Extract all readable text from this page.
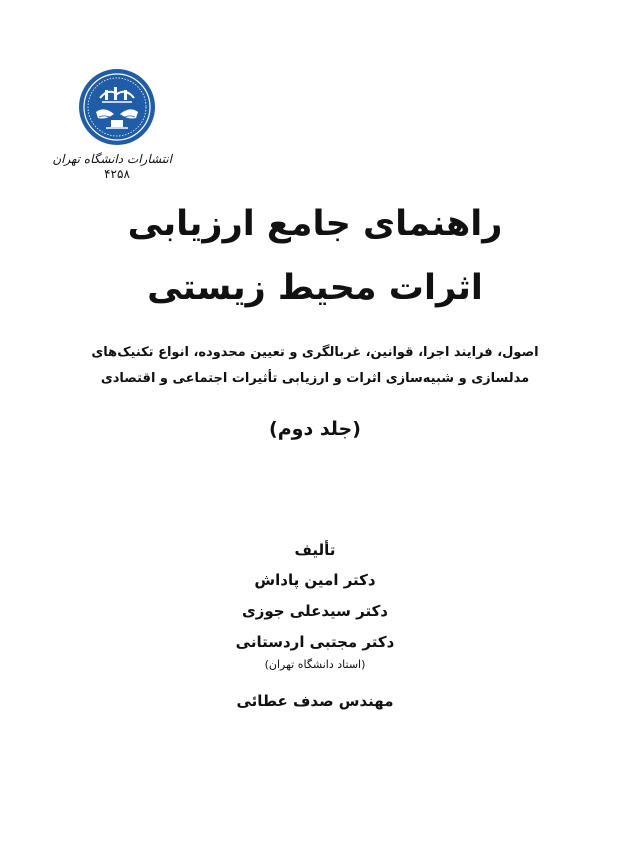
انتشارات دانشگاه تهران
۴۲۵۸
راهنمای جامع ارزیابی
اثرات محیط زیستی
اصول، فرایند اجرا، قوانین، غربالگری و تعیین محدوده، انواع تکنیک‌های
مدلسازی و شبیه‌سازی اثرات و ارزیابی تأثیرات اجتماعی و اقتصادی
(جلد دوم)
تألیف
دکتر امین پاداش
دکتر سیدعلی جوزی
دکتر مجتبی اردستانی
(استاد دانشگاه تهران)
مهندس صدف عطائی
